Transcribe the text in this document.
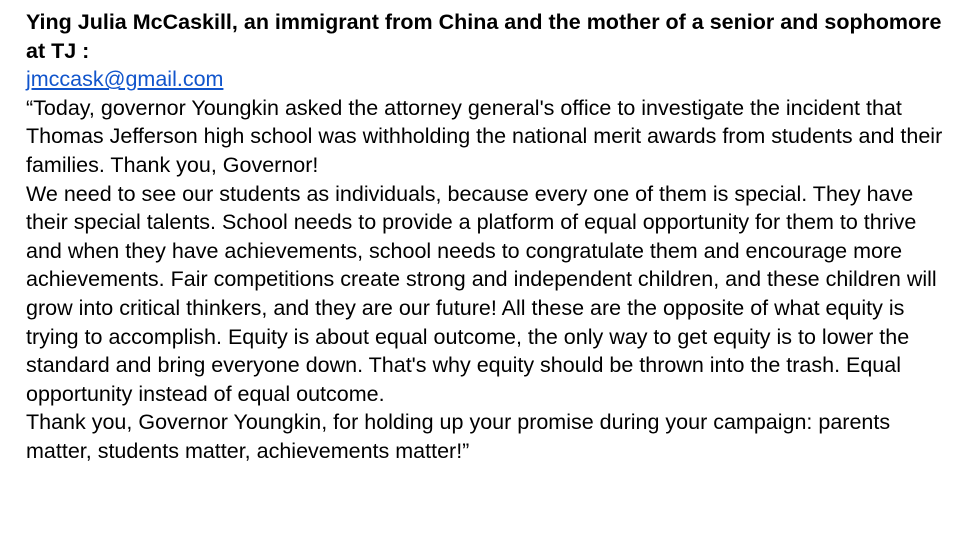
Ying Julia McCaskill, an immigrant from China and the mother of a senior and sophomore at TJ :

jmccask@gmail.com

“Today, governor Youngkin asked the attorney general's office to investigate the incident that Thomas Jefferson high school was withholding the national merit awards from students and their families. Thank you, Governor!

We need to see our students as individuals, because every one of them is special. They have their special talents. School needs to provide a platform of equal opportunity for them to thrive and when they have achievements, school needs to congratulate them and encourage more achievements. Fair competitions create strong and independent children, and these children will grow into critical thinkers, and they are our future! All these are the opposite of what equity is trying to accomplish. Equity is about equal outcome, the only way to get equity is to lower the standard and bring everyone down. That's why equity should be thrown into the trash. Equal opportunity instead of equal outcome.

Thank you, Governor Youngkin, for holding up your promise during your campaign: parents matter, students matter, achievements matter!”
